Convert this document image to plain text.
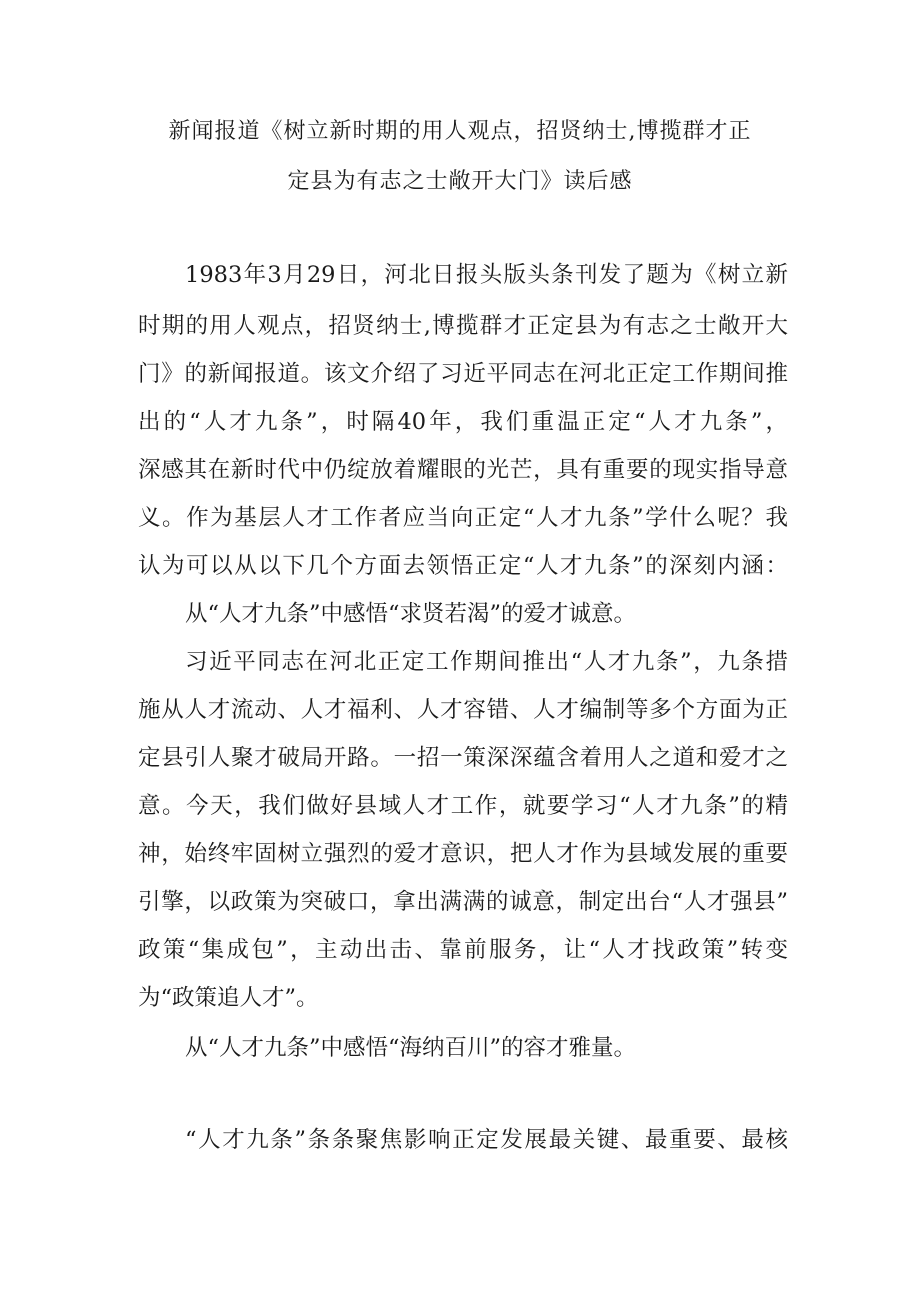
新闻报道《树立新时期的用人观点，招贤纳士,博揽群才正
定县为有志之士敞开大门》读后感
1983年3月29日，河北日报头版头条刊发了题为《树立新
时期的用人观点，招贤纳士,博揽群才正定县为有志之士敞开大
门》的新闻报道。该文介绍了习近平同志在河北正定工作期间推
出的“人才九条”，时隔40年，我们重温正定“人才九条”，
深感其在新时代中仍绽放着耀眼的光芒，具有重要的现实指导意
义。作为基层人才工作者应当向正定“人才九条”学什么呢？我
认为可以从以下几个方面去领悟正定“人才九条”的深刻内涵：
从“人才九条”中感悟“求贤若渴”的爱才诚意。
习近平同志在河北正定工作期间推出“人才九条”，九条措
施从人才流动、人才福利、人才容错、人才编制等多个方面为正
定县引人聚才破局开路。一招一策深深蕴含着用人之道和爱才之
意。今天，我们做好县域人才工作，就要学习“人才九条”的精
神，始终牢固树立强烈的爱才意识，把人才作为县域发展的重要
引擎，以政策为突破口，拿出满满的诚意，制定出台“人才强县”
政策“集成包”，主动出击、靠前服务，让“人才找政策”转变
为“政策追人才”。
从“人才九条”中感悟“海纳百川”的容才雅量。
“人才九条”条条聚焦影响正定发展最关键、最重要、最核
